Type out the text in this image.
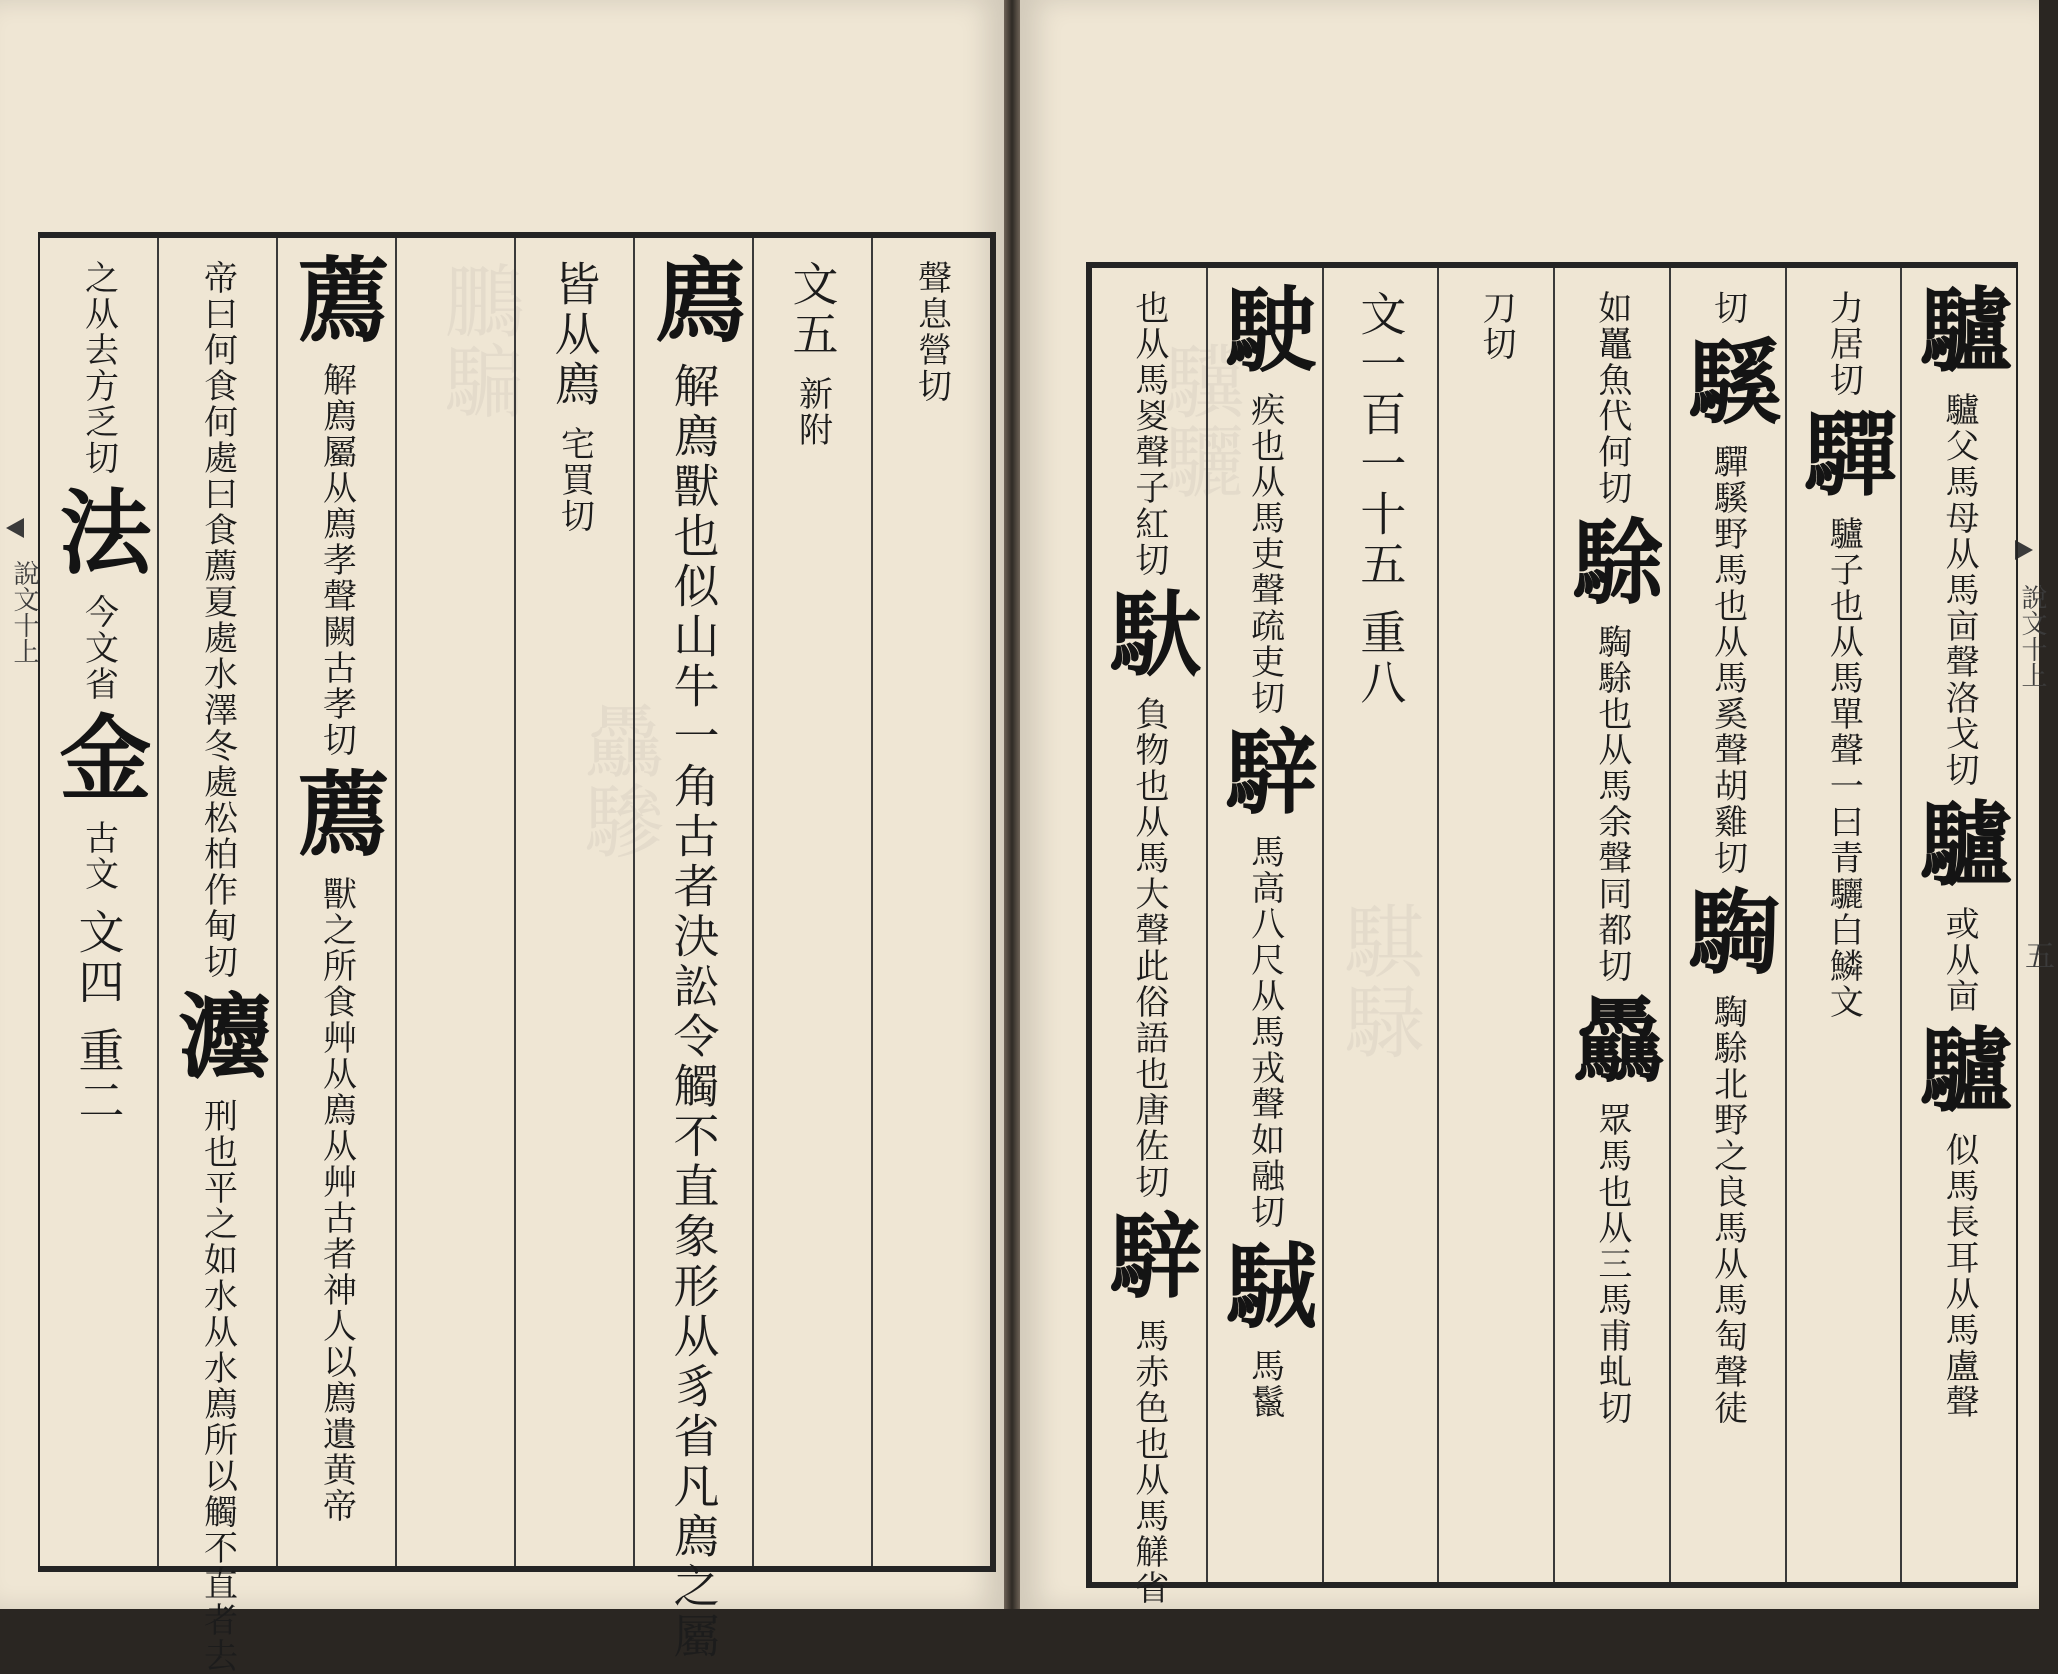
鵬騙
驫驂
說文十上
聲息營切
文五
新附
廌
解廌獸也似山牛一角古者決訟令觸不直象形从豸省凡廌之屬
皆从廌
宅買切
薦
解廌屬从廌孝聲闕古孝切
薦
獸之所食艸从廌从艸古者神人以廌遺黄帝
帝曰何食何處曰食薦夏處水澤冬處松柏作甸切
灋
刑也平之如水从水廌所以觸不直者去
之从去方乏切
法
今文省
金
古文
文四 重二
驥驪
騏騄
說文十上
五
驢
驢父馬母从馬㐭聲洛戈切
驢
或从㐭
驢
似馬長耳从馬盧聲
力居切
驒
驢子也从馬單聲一曰青驪白鱗文
切
騱
驒騱野馬也从馬奚聲胡雞切
騊
騊駼北野之良馬从馬匋聲徒
如鼉魚代何切
駼
騊駼也从馬余聲同都切
驫
眾馬也从三馬甫虬切
刀切
文一百一十五 重八
駛
疾也从馬吏聲疏吏切
騂
馬高八尺从馬戎聲如融切
駥
馬鬣
也从馬㚇聲子紅切
馱
負物也从馬大聲此俗語也唐佐切
騂
馬赤色也从馬觲省
